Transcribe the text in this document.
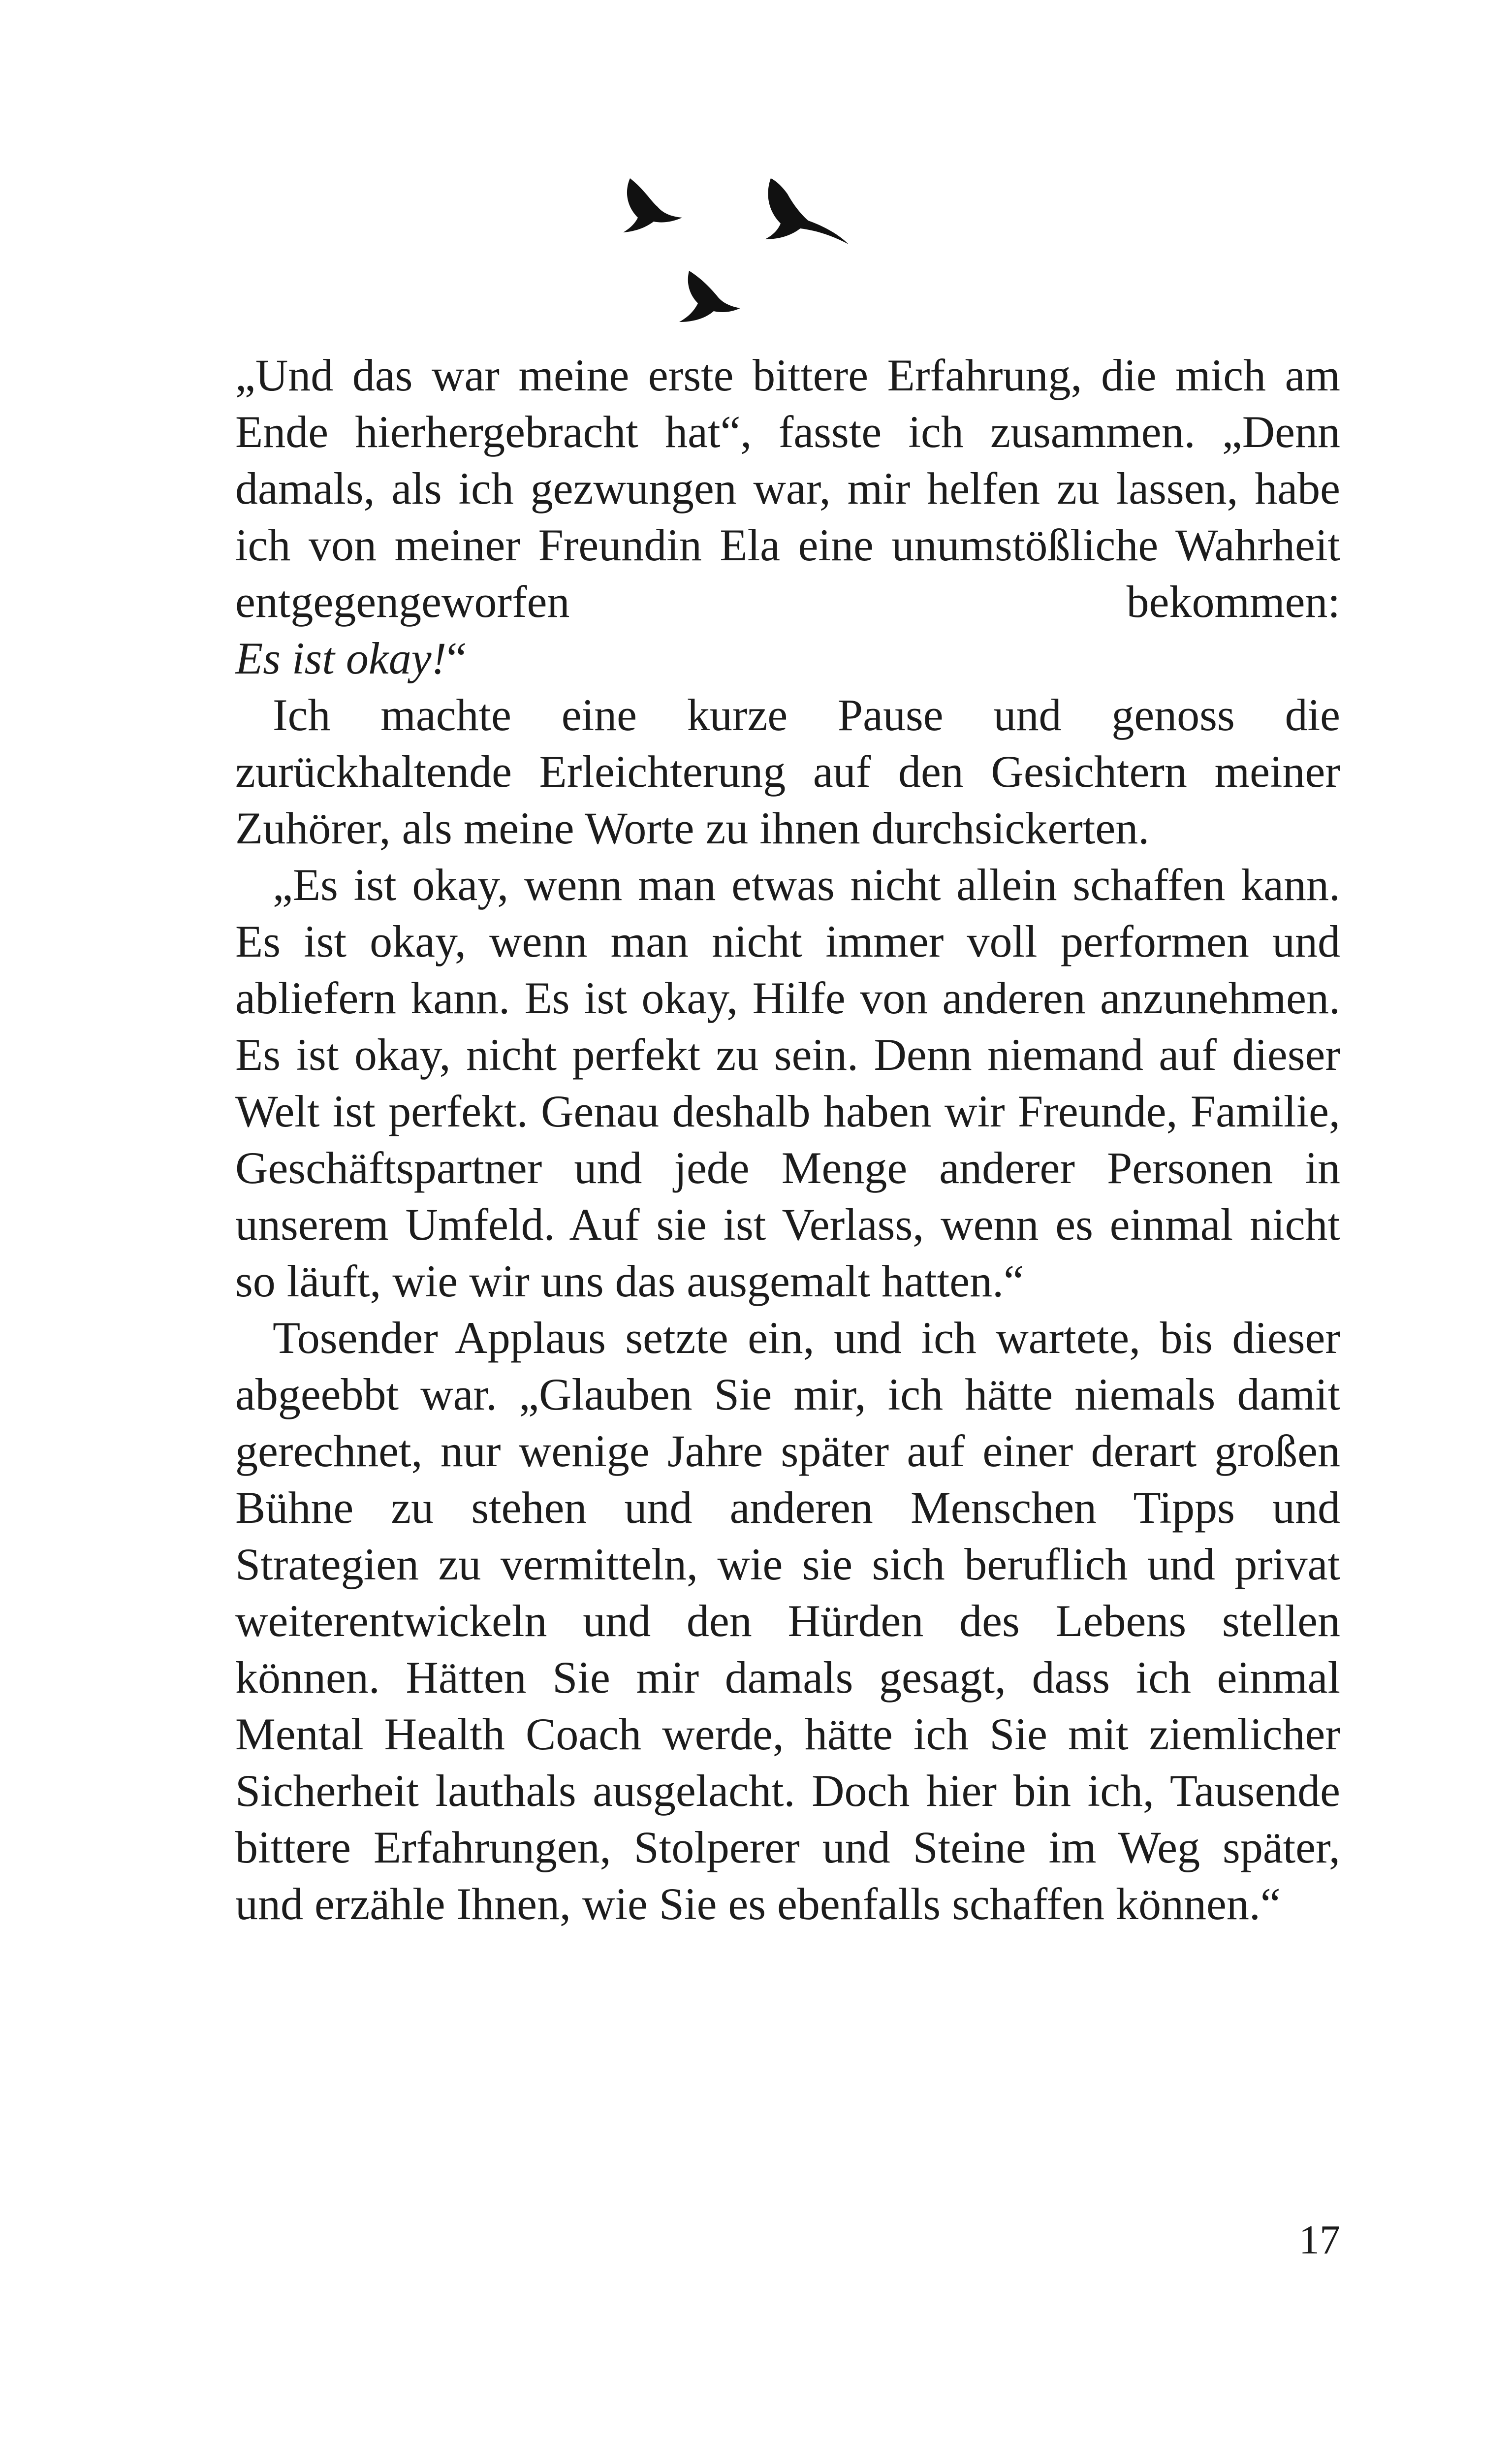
„Und das war meine erste bittere Erfahrung, die mich am Ende hierhergebracht hat“, fasste ich zusammen. „Denn damals, als ich gezwungen war, mir helfen zu lassen, habe ich von meiner Freundin Ela eine unumstößliche Wahrheit entgegengeworfen bekommen:

Es ist okay!“

Ich machte eine kurze Pause und genoss die zurückhaltende Erleichterung auf den Gesichtern meiner Zuhörer, als meine Worte zu ihnen durchsickerten.

„Es ist okay, wenn man etwas nicht allein schaffen kann. Es ist okay, wenn man nicht immer voll performen und abliefern kann. Es ist okay, Hilfe von anderen anzunehmen. Es ist okay, nicht perfekt zu sein. Denn niemand auf dieser Welt ist perfekt. Genau deshalb haben wir Freunde, Familie, Geschäftspartner und jede Menge anderer Personen in unserem Umfeld. Auf sie ist Verlass, wenn es einmal nicht so läuft, wie wir uns das ausgemalt hatten.“

Tosender Applaus setzte ein, und ich wartete, bis dieser abgeebbt war. „Glauben Sie mir, ich hätte niemals damit gerechnet, nur wenige Jahre später auf einer derart großen Bühne zu stehen und anderen Menschen Tipps und Strategien zu vermitteln, wie sie sich beruflich und privat weiterentwickeln und den Hürden des Lebens stellen können. Hätten Sie mir damals gesagt, dass ich einmal Mental Health Coach werde, hätte ich Sie mit ziemlicher Sicherheit lauthals ausgelacht. Doch hier bin ich, Tausende bittere Erfahrungen, Stolperer und Steine im Weg später, und erzähle Ihnen, wie Sie es ebenfalls schaffen können.“

17
